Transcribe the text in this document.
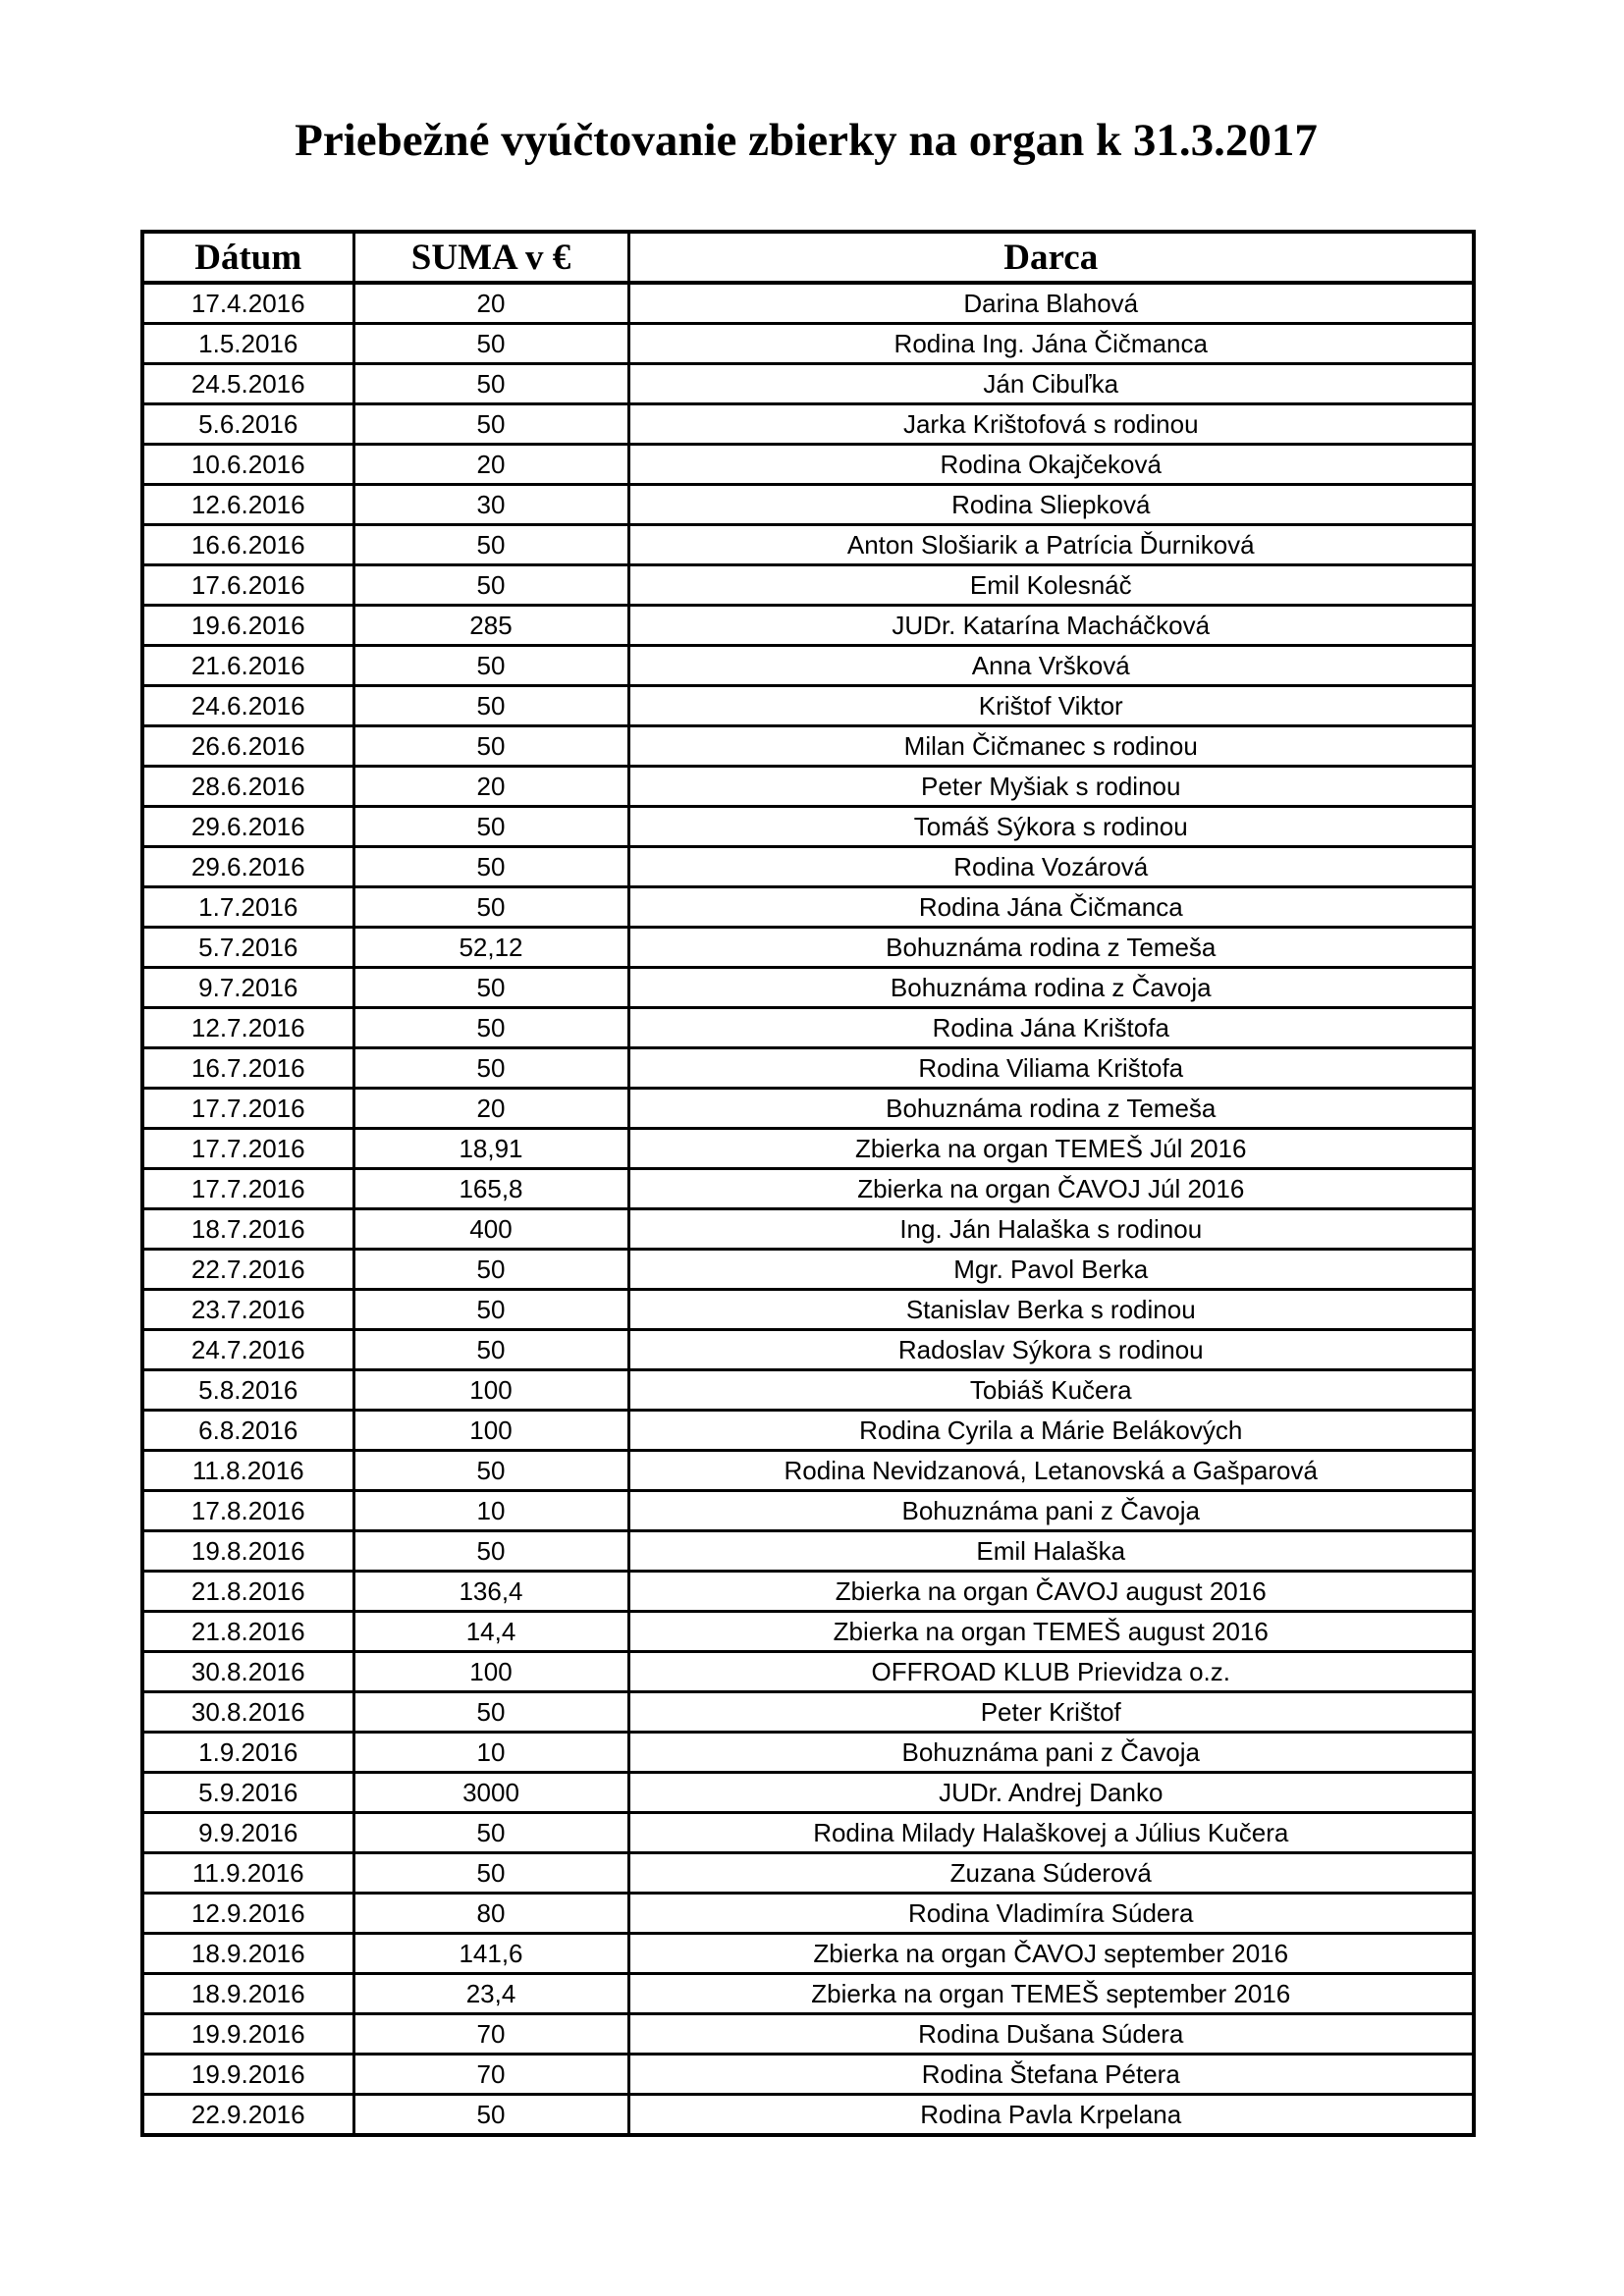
Priebežné vyúčtovanie zbierky na organ k 31.3.2017
Dátum	SUMA v €	Darca
17.4.2016	20	Darina Blahová
1.5.2016	50	Rodina Ing. Jána Čičmanca
24.5.2016	50	Ján Cibuľka
5.6.2016	50	Jarka Krištofová s rodinou
10.6.2016	20	Rodina Okajčeková
12.6.2016	30	Rodina Sliepková
16.6.2016	50	Anton Slošiarik a Patrícia Ďurniková
17.6.2016	50	Emil Kolesnáč
19.6.2016	285	JUDr. Katarína Macháčková
21.6.2016	50	Anna Vršková
24.6.2016	50	Krištof Viktor
26.6.2016	50	Milan Čičmanec s rodinou
28.6.2016	20	Peter Myšiak s rodinou
29.6.2016	50	Tomáš Sýkora s rodinou
29.6.2016	50	Rodina Vozárová
1.7.2016	50	Rodina Jána Čičmanca
5.7.2016	52,12	Bohuznáma rodina z Temeša
9.7.2016	50	Bohuznáma rodina z Čavoja
12.7.2016	50	Rodina Jána Krištofa
16.7.2016	50	Rodina Viliama Krištofa
17.7.2016	20	Bohuznáma rodina z Temeša
17.7.2016	18,91	Zbierka na organ TEMEŠ Júl 2016
17.7.2016	165,8	Zbierka na organ ČAVOJ Júl 2016
18.7.2016	400	Ing. Ján Halaška s rodinou
22.7.2016	50	Mgr. Pavol Berka
23.7.2016	50	Stanislav Berka s rodinou
24.7.2016	50	Radoslav Sýkora s rodinou
5.8.2016	100	Tobiáš Kučera
6.8.2016	100	Rodina Cyrila a Márie Belákových
11.8.2016	50	Rodina Nevidzanová, Letanovská a Gašparová
17.8.2016	10	Bohuznáma pani z Čavoja
19.8.2016	50	Emil Halaška
21.8.2016	136,4	Zbierka na organ ČAVOJ august 2016
21.8.2016	14,4	Zbierka na organ TEMEŠ august 2016
30.8.2016	100	OFFROAD KLUB Prievidza o.z.
30.8.2016	50	Peter Krištof
1.9.2016	10	Bohuznáma pani z Čavoja
5.9.2016	3000	JUDr. Andrej Danko
9.9.2016	50	Rodina Milady Halaškovej a Július Kučera
11.9.2016	50	Zuzana Súderová
12.9.2016	80	Rodina Vladimíra Súdera
18.9.2016	141,6	Zbierka na organ ČAVOJ september 2016
18.9.2016	23,4	Zbierka na organ TEMEŠ september 2016
19.9.2016	70	Rodina Dušana Súdera
19.9.2016	70	Rodina Štefana Pétera
22.9.2016	50	Rodina Pavla Krpelana
